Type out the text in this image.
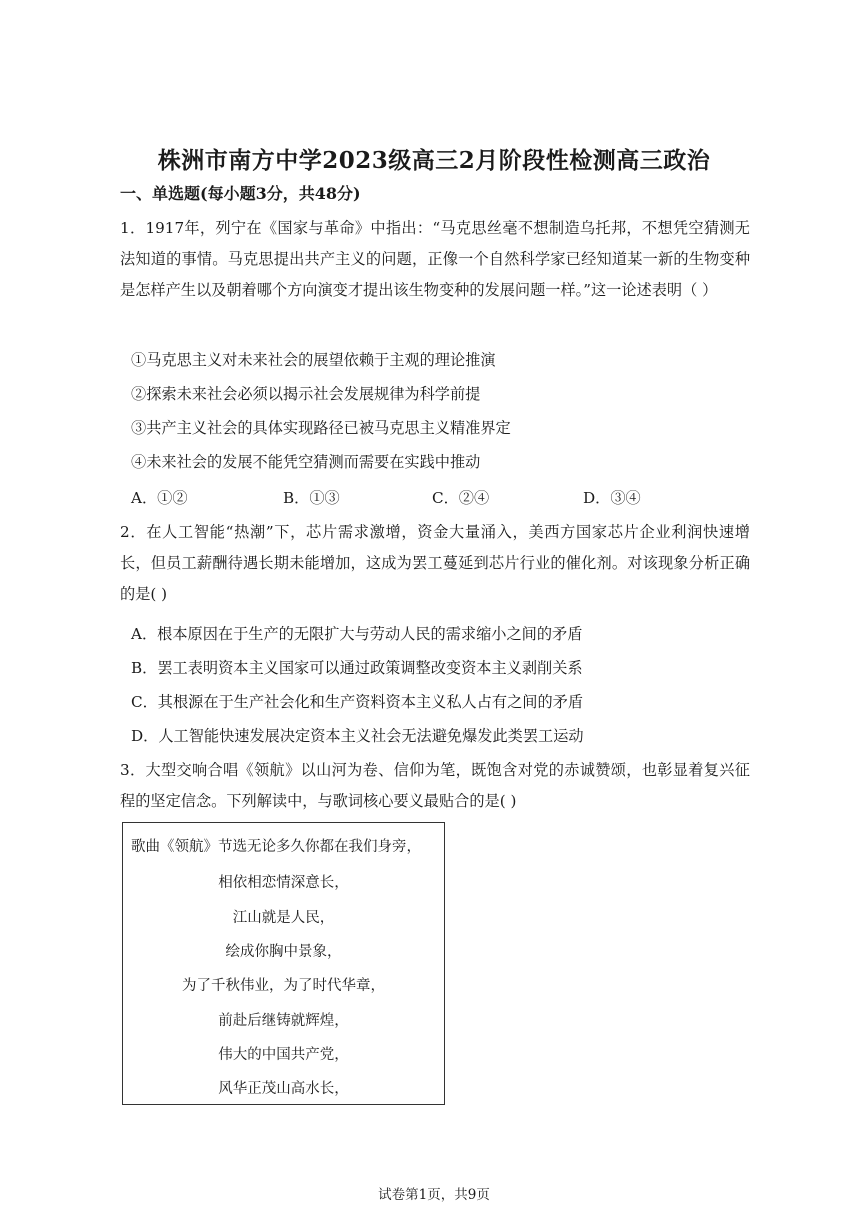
株洲市南方中学2023级高三2月阶段性检测高三政治
一、单选题(每小题3分，共48分)
1．1917年，列宁在《国家与革命》中指出：“马克思丝毫不想制造乌托邦，不想凭空猜测无法知道的事情。马克思提出共产主义的问题，正像一个自然科学家已经知道某一新的生物变种是怎样产生以及朝着哪个方向演变才提出该生物变种的发展问题一样。”这一论述表明（ ）
①马克思主义对未来社会的展望依赖于主观的理论推演
②探索未来社会必须以揭示社会发展规律为科学前提
③共产主义社会的具体实现路径已被马克思主义精准界定
④未来社会的发展不能凭空猜测而需要在实践中推动
A．①②	B．①③	C．②④	D．③④
2．在人工智能“热潮”下，芯片需求激增，资金大量涌入，美西方国家芯片企业利润快速增长，但员工薪酬待遇长期未能增加，这成为罢工蔓延到芯片行业的催化剂。对该现象分析正确的是( )
A．根本原因在于生产的无限扩大与劳动人民的需求缩小之间的矛盾
B．罢工表明资本主义国家可以通过政策调整改变资本主义剥削关系
C．其根源在于生产社会化和生产资料资本主义私人占有之间的矛盾
D．人工智能快速发展决定资本主义社会无法避免爆发此类罢工运动
3．大型交响合唱《领航》以山河为卷、信仰为笔，既饱含对党的赤诚赞颂，也彰显着复兴征程的坚定信念。下列解读中，与歌词核心要义最贴合的是( )
歌曲《领航》节选无论多久你都在我们身旁，
相依相恋情深意长，
江山就是人民，
绘成你胸中景象，
为了千秋伟业，为了时代华章，
前赴后继铸就辉煌，
伟大的中国共产党，
风华正茂山高水长，
试卷第1页，共9页
